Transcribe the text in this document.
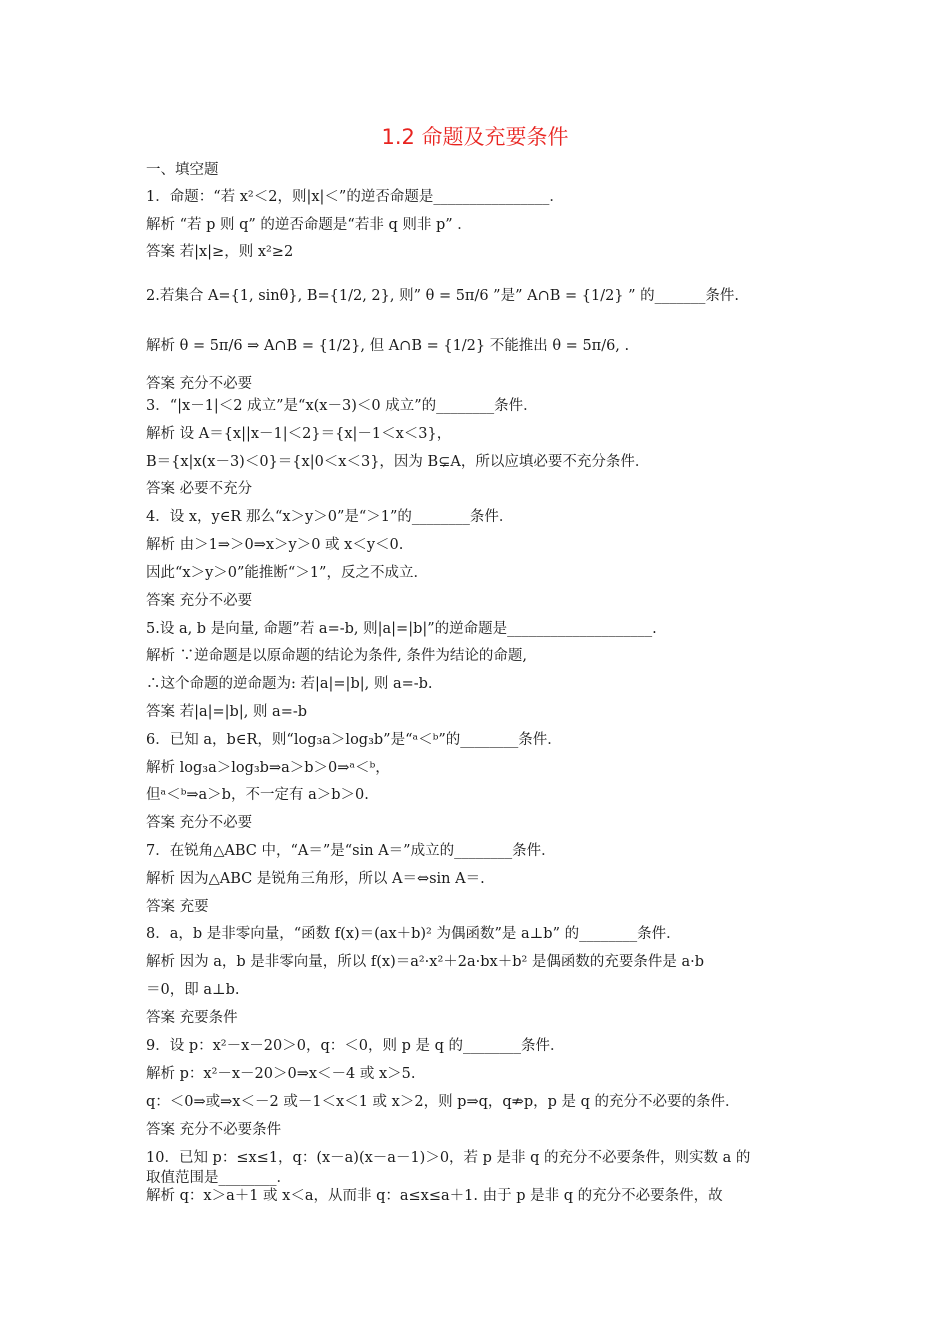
1.2 命题及充要条件
一、填空题
1．命题：“若 x²＜2，则|x|＜”的逆否命题是________________．
解析 “若 p 则 q” 的逆否命题是“若非 q 则非 p” ．
答案 若|x|≥，则 x²≥2
2.若集合 A={1, sinθ}, B={1/2, 2}, 则” θ = 5π/6 ”是” A∩B = {1/2} ” 的_______条件.
解析 θ = 5π/6 ⇒ A∩B = {1/2}, 但 A∩B = {1/2} 不能推出 θ = 5π/6, .
答案 充分不必要
3．“|x－1|＜2 成立”是“x(x－3)＜0 成立”的________条件．
解析 设 A＝{x||x－1|＜2}＝{x|－1＜x＜3}，
B＝{x|x(x－3)＜0}＝{x|0＜x＜3}，因为 B⊊A，所以应填必要不充分条件．
答案 必要不充分
4．设 x，y∈R 那么“x＞y＞0”是“＞1”的________条件．
解析 由＞1⇒＞0⇒x＞y＞0 或 x＜y＜0.
因此“x＞y＞0”能推断“＞1”，反之不成立．
答案 充分不必要
5.设 a, b 是向量, 命题”若 a=-b, 则|a|=|b|”的逆命题是____________________.
解析 ∵逆命题是以原命题的结论为条件, 条件为结论的命题,
∴这个命题的逆命题为: 若|a|=|b|, 则 a=-b.
答案 若|a|=|b|, 则 a=-b
6．已知 a，b∈R，则“log₃a＞log₃b”是“ᵃ＜ᵇ”的________条件．
解析 log₃a＞log₃b⇒a＞b＞0⇒ᵃ＜ᵇ，
但ᵃ＜ᵇ⇒a＞b，不一定有 a＞b＞0.
答案 充分不必要
7．在锐角△ABC 中，“A＝”是“sin A＝”成立的________条件．
解析 因为△ABC 是锐角三角形，所以 A＝⇔sin A＝.
答案 充要
8．a，b 是非零向量，“函数 f(x)＝(ax＋b)² 为偶函数”是 a⊥b” 的________条件．
解析 因为 a，b 是非零向量，所以 f(x)＝a²·x²＋2a·bx＋b² 是偶函数的充要条件是 a·b
＝0，即 a⊥b.
答案 充要条件
9．设 p：x²－x－20＞0，q：＜0，则 p 是 q 的________条件．
解析 p：x²－x－20＞0⇒x＜－4 或 x＞5.
q：＜0⇒或⇒x＜－2 或－1＜x＜1 或 x＞2，则 p⇒q，q⇏p，p 是 q 的充分不必要的条件．
答案 充分不必要条件
10．已知 p：≤x≤1，q：(x－a)(x－a－1)＞0，若 p 是非 q 的充分不必要条件，则实数 a 的
取值范围是________．
解析 q：x＞a＋1 或 x＜a，从而非 q：a≤x≤a＋1. 由于 p 是非 q 的充分不必要条件，故
